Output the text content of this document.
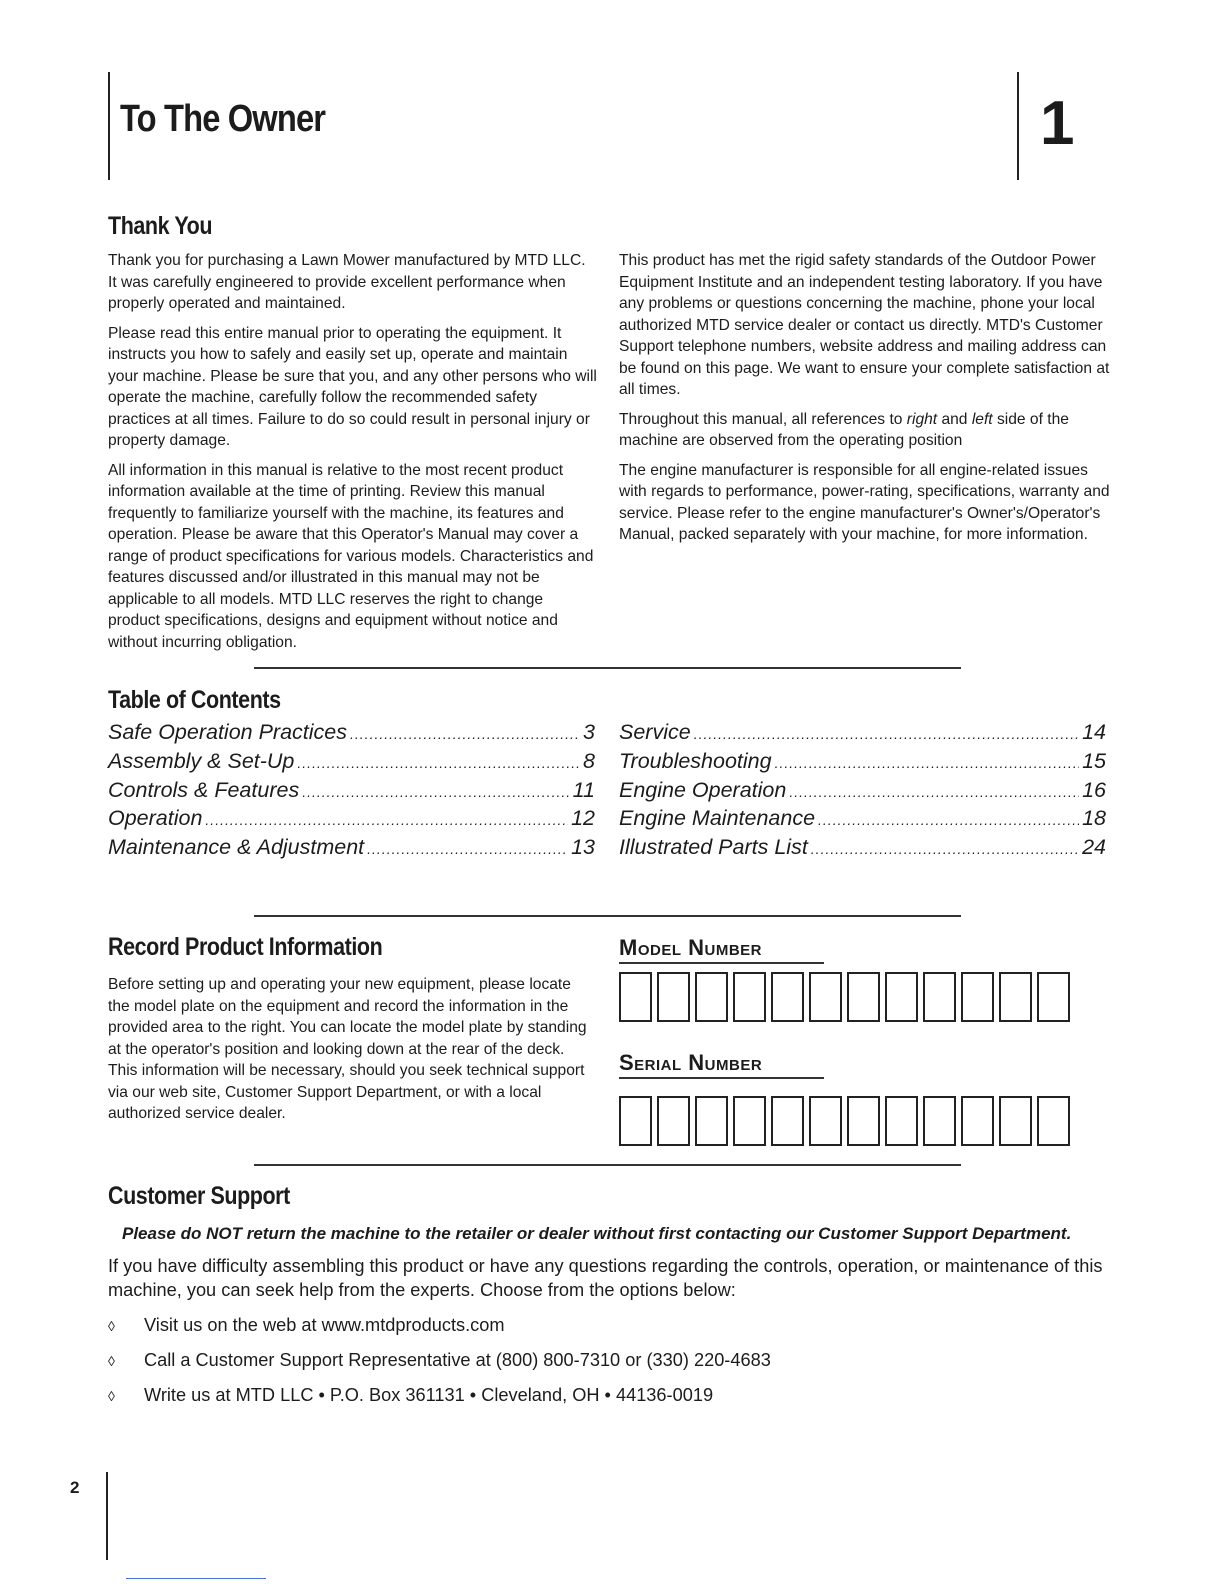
To The Owner	1
Thank You

Thank you for purchasing a Lawn Mower manufactured by MTD LLC. It was carefully engineered to provide excellent performance when properly operated and maintained.

Please read this entire manual prior to operating the equipment. It instructs you how to safely and easily set up, operate and maintain your machine. Please be sure that you, and any other persons who will operate the machine, carefully follow the recommended safety practices at all times. Failure to do so could result in personal injury or property damage.

All information in this manual is relative to the most recent product information available at the time of printing. Review this manual frequently to familiarize yourself with the machine, its features and operation. Please be aware that this Operator's Manual may cover a range of product specifications for various models. Characteristics and features discussed and/or illustrated in this manual may not be applicable to all models. MTD LLC reserves the right to change product specifications, designs and equipment without notice and without incurring obligation.

This product has met the rigid safety standards of the Outdoor Power Equipment Institute and an independent testing laboratory. If you have any problems or questions concerning the machine, phone your local authorized MTD service dealer or contact us directly. MTD's Customer Support telephone numbers, website address and mailing address can be found on this page. We want to ensure your complete satisfaction at all times.

Throughout this manual, all references to right and left side of the machine are observed from the operating position

The engine manufacturer is responsible for all engine-related issues with regards to performance, power-rating, specifications, warranty and service. Please refer to the engine manufacturer's Owner's/Operator's Manual, packed separately with your machine, for more information.

Table of Contents
Safe Operation Practices .....	3
Assembly & Set-Up .....	8
Controls & Features .....	11
Operation .....	12
Maintenance & Adjustment .....	13
Service .....	14
Troubleshooting .....	15
Engine Operation .....	16
Engine Maintenance .....	18
Illustrated Parts List .....	24
Record Product Information

Before setting up and operating your new equipment, please locate the model plate on the equipment and record the information in the provided area to the right. You can locate the model plate by standing at the operator's position and looking down at the rear of the deck. This information will be necessary, should you seek technical support via our web site, Customer Support Department, or with a local authorized service dealer.

Model Number
Serial Number
Customer Support
Please do NOT return the machine to the retailer or dealer without first contacting our Customer Support Department.

If you have difficulty assembling this product or have any questions regarding the controls, operation, or maintenance of this machine, you can seek help from the experts. Choose from the options below:

◊	Visit us on the web at www.mtdproducts.com
◊	Call a Customer Support Representative at (800) 800-7310 or (330) 220-4683
◊	Write us at MTD LLC • P.O. Box 361131 • Cleveland, OH • 44136-0019
2
